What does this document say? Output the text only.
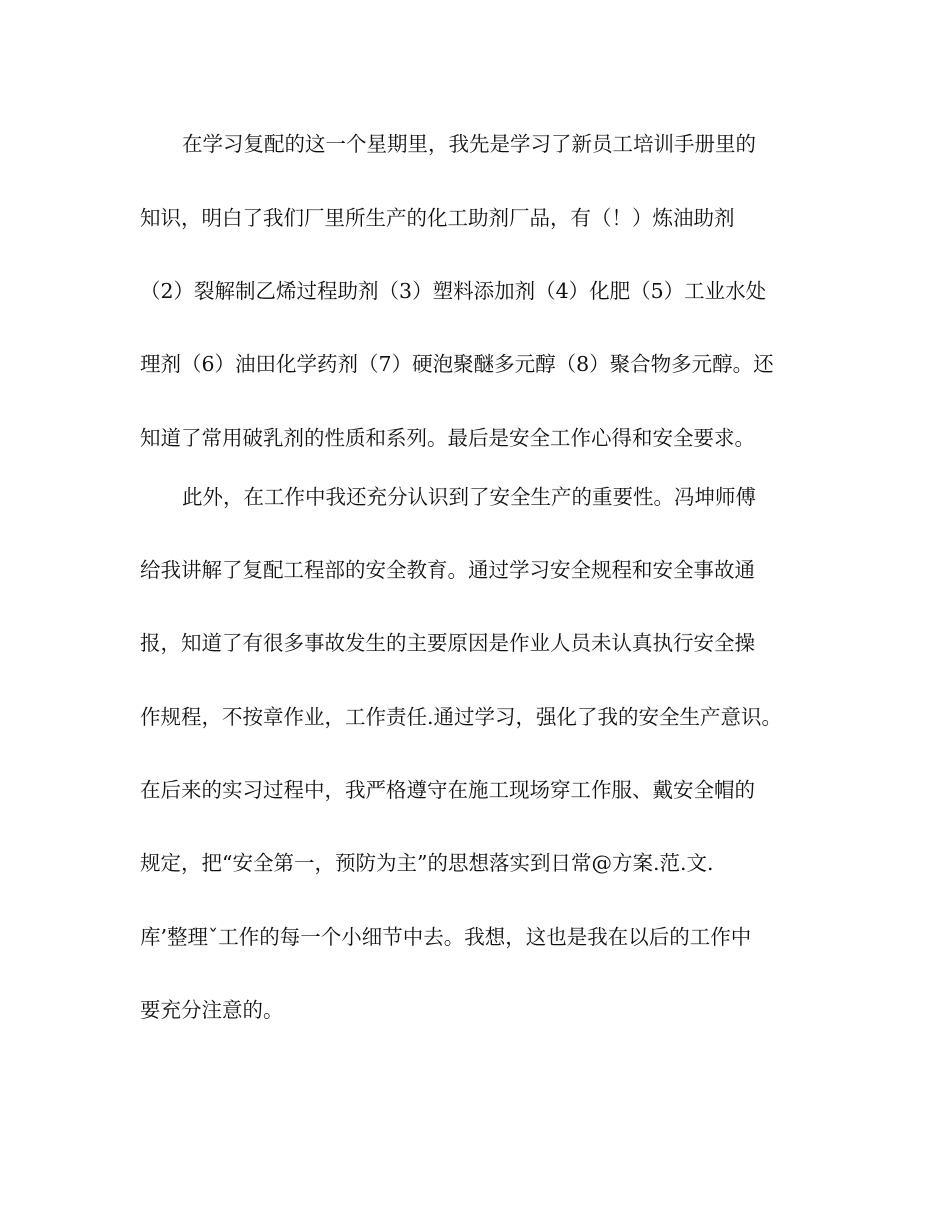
在学习复配的这一个星期里，我先是学习了新员工培训手册里的
知识，明白了我们厂里所生产的化工助剂厂品，有（！）炼油助剂
（2）裂解制乙烯过程助剂（3）塑料添加剂（4）化肥（5）工业水处
理剂（6）油田化学药剂（7）硬泡聚醚多元醇（8）聚合物多元醇。还
知道了常用破乳剂的性质和系列。最后是安全工作心得和安全要求。
此外，在工作中我还充分认识到了安全生产的重要性。冯坤师傅
给我讲解了复配工程部的安全教育。通过学习安全规程和安全事故通
报，知道了有很多事故发生的主要原因是作业人员未认真执行安全操
作规程，不按章作业，工作责任.通过学习，强化了我的安全生产意识。
在后来的实习过程中，我严格遵守在施工现场穿工作服、戴安全帽的
规定，把“安全第一，预防为主”的思想落实到日常@方案.范.文.
库’整理ˇ工作的每一个小细节中去。我想，这也是我在以后的工作中
要充分注意的。
